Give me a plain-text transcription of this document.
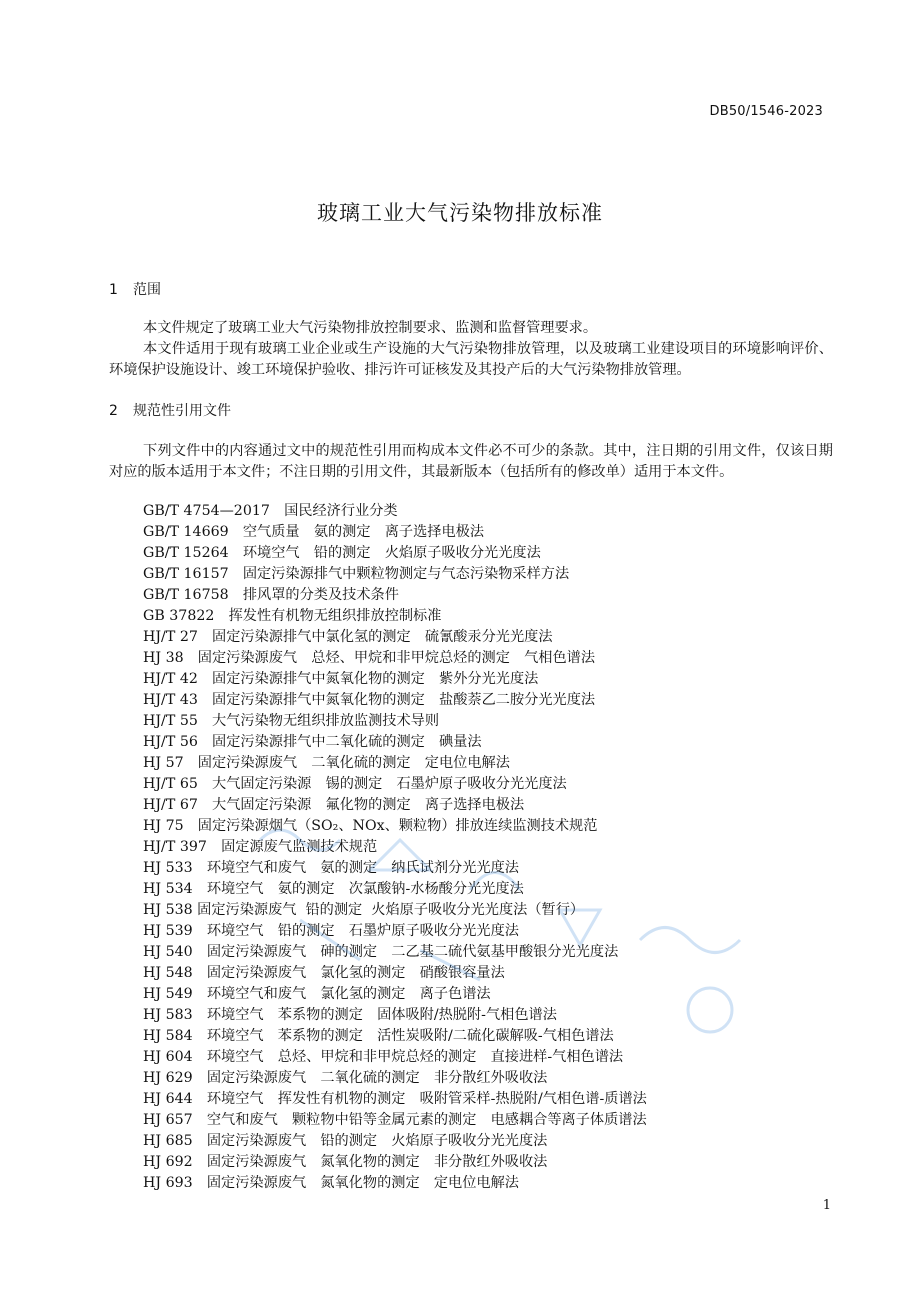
DB50/1546-2023
玻璃工业大气污染物排放标准
1 范围

本文件规定了玻璃工业大气污染物排放控制要求、监测和监督管理要求。

本文件适用于现有玻璃工业企业或生产设施的大气污染物排放管理，以及玻璃工业建设项目的环境影响评价、环境保护设施设计、竣工环境保护验收、排污许可证核发及其投产后的大气污染物排放管理。

2 规范性引用文件

下列文件中的内容通过文中的规范性引用而构成本文件必不可少的条款。其中，注日期的引用文件，仅该日期对应的版本适用于本文件；不注日期的引用文件，其最新版本（包括所有的修改单）适用于本文件。

GB/T 4754—2017　国民经济行业分类
GB/T 14669　空气质量　氨的测定　离子选择电极法
GB/T 15264　环境空气　铅的测定　火焰原子吸收分光光度法
GB/T 16157　固定污染源排气中颗粒物测定与气态污染物采样方法
GB/T 16758　排风罩的分类及技术条件
GB 37822　挥发性有机物无组织排放控制标准
HJ/T 27　固定污染源排气中氯化氢的测定　硫氰酸汞分光光度法
HJ 38　固定污染源废气　总烃、甲烷和非甲烷总烃的测定　气相色谱法
HJ/T 42　固定污染源排气中氮氧化物的测定　紫外分光光度法
HJ/T 43　固定污染源排气中氮氧化物的测定　盐酸萘乙二胺分光光度法
HJ/T 55　大气污染物无组织排放监测技术导则
HJ/T 56　固定污染源排气中二氧化硫的测定　碘量法
HJ 57　固定污染源废气　二氧化硫的测定　定电位电解法
HJ/T 65　大气固定污染源　锡的测定　石墨炉原子吸收分光光度法
HJ/T 67　大气固定污染源　氟化物的测定　离子选择电极法
HJ 75　固定污染源烟气（SO₂、NOx、颗粒物）排放连续监测技术规范
HJ/T 397　固定源废气监测技术规范
HJ 533　环境空气和废气　氨的测定　纳氏试剂分光光度法
HJ 534　环境空气　氨的测定　次氯酸钠-水杨酸分光光度法
HJ 538 固定污染源废气  铅的测定  火焰原子吸收分光光度法（暂行）
HJ 539　环境空气　铅的测定　石墨炉原子吸收分光光度法
HJ 540　固定污染源废气　砷的测定　二乙基二硫代氨基甲酸银分光光度法
HJ 548　固定污染源废气　氯化氢的测定　硝酸银容量法
HJ 549　环境空气和废气　氯化氢的测定　离子色谱法
HJ 583　环境空气　苯系物的测定　固体吸附/热脱附-气相色谱法
HJ 584　环境空气　苯系物的测定　活性炭吸附/二硫化碳解吸-气相色谱法
HJ 604　环境空气　总烃、甲烷和非甲烷总烃的测定　直接进样-气相色谱法
HJ 629　固定污染源废气　二氧化硫的测定　非分散红外吸收法
HJ 644　环境空气　挥发性有机物的测定　吸附管采样-热脱附/气相色谱-质谱法
HJ 657　空气和废气　颗粒物中铅等金属元素的测定　电感耦合等离子体质谱法
HJ 685　固定污染源废气　铅的测定　火焰原子吸收分光光度法
HJ 692　固定污染源废气　氮氧化物的测定　非分散红外吸收法
HJ 693　固定污染源废气　氮氧化物的测定　定电位电解法
1
